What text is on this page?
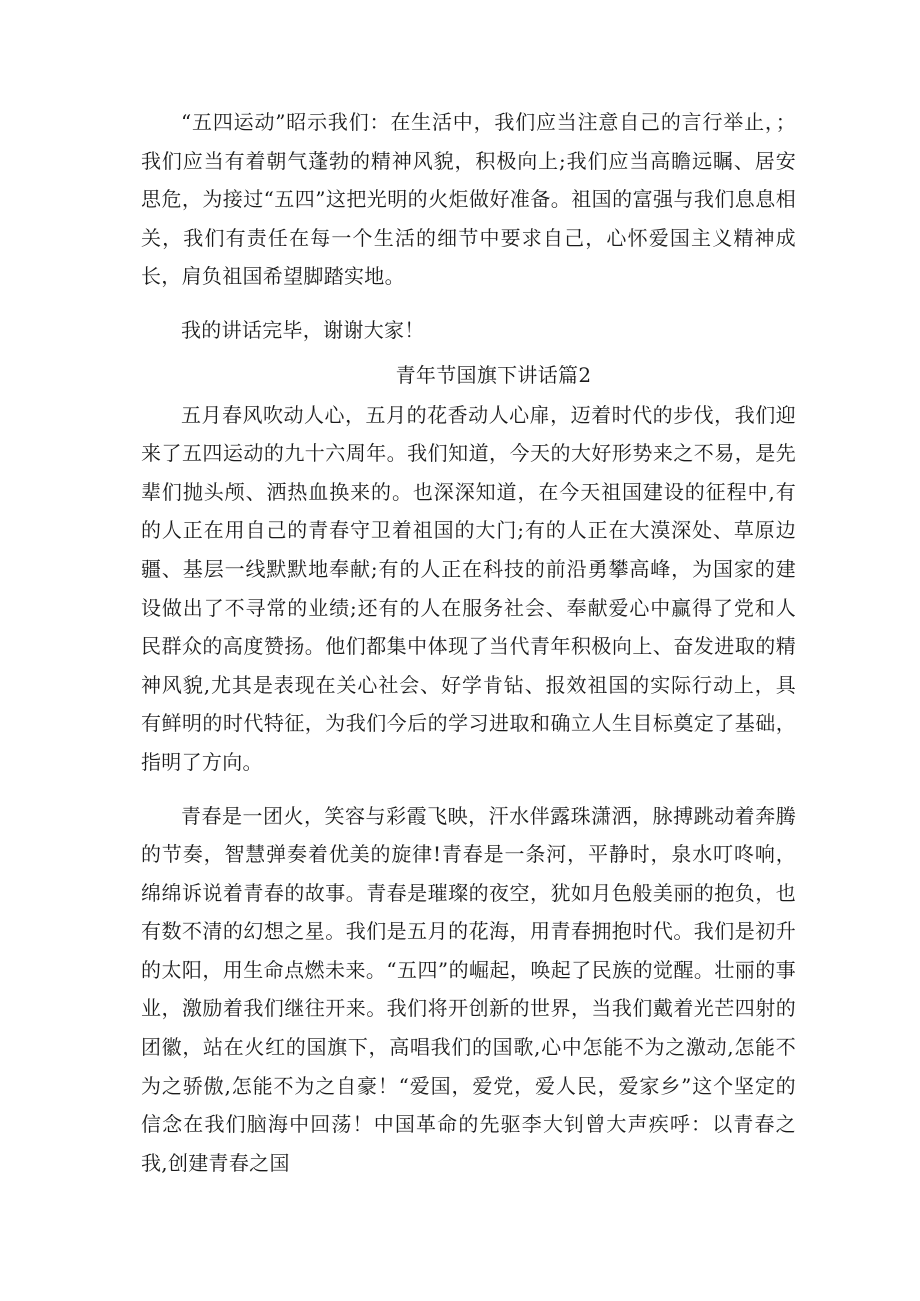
“五四运动”昭示我们：在生活中，我们应当注意自己的言行举止，；我们应当有着朝气蓬勃的精神风貌，积极向上;我们应当高瞻远瞩、居安思危，为接过“五四”这把光明的火炬做好准备。祖国的富强与我们息息相关，我们有责任在每一个生活的细节中要求自己，心怀爱国主义精神成长，肩负祖国希望脚踏实地。

我的讲话完毕，谢谢大家！

青年节国旗下讲话篇2

五月春风吹动人心，五月的花香动人心扉，迈着时代的步伐，我们迎来了五四运动的九十六周年。我们知道，今天的大好形势来之不易，是先辈们抛头颅、洒热血换来的。也深深知道，在今天祖国建设的征程中,有的人正在用自己的青春守卫着祖国的大门;有的人正在大漠深处、草原边疆、基层一线默默地奉献;有的人正在科技的前沿勇攀高峰，为国家的建设做出了不寻常的业绩;还有的人在服务社会、奉献爱心中赢得了党和人民群众的高度赞扬。他们都集中体现了当代青年积极向上、奋发进取的精神风貌,尤其是表现在关心社会、好学肯钻、报效祖国的实际行动上，具有鲜明的时代特征，为我们今后的学习进取和确立人生目标奠定了基础，指明了方向。

青春是一团火，笑容与彩霞飞映，汗水伴露珠潇洒，脉搏跳动着奔腾的节奏，智慧弹奏着优美的旋律!青春是一条河，平静时，泉水叮咚响，绵绵诉说着青春的故事。青春是璀璨的夜空，犹如月色般美丽的抱负，也有数不清的幻想之星。我们是五月的花海，用青春拥抱时代。我们是初升的太阳，用生命点燃未来。“五四”的崛起，唤起了民族的觉醒。壮丽的事业，激励着我们继往开来。我们将开创新的世界，当我们戴着光芒四射的团徽，站在火红的国旗下，高唱我们的国歌,心中怎能不为之激动,怎能不为之骄傲,怎能不为之自豪！“爱国，爱党，爱人民，爱家乡”这个坚定的信念在我们脑海中回荡！中国革命的先驱李大钊曾大声疾呼：以青春之我,创建青春之国
